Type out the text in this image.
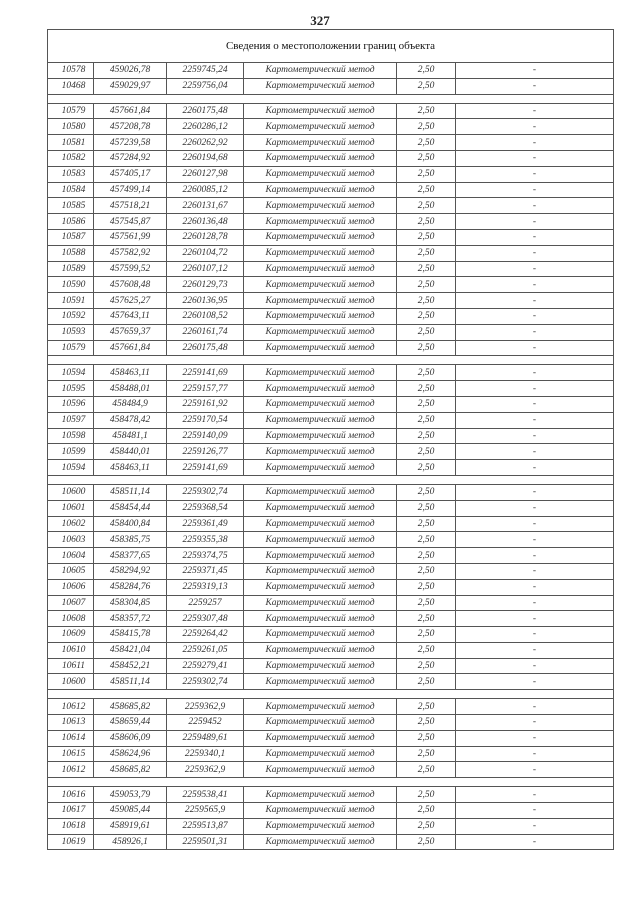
327
Сведения о местоположении границ объекта					
10578	459026,78	2259745,24	Картометрический метод	2,50	-
10468	459029,97	2259756,04	Картометрический метод	2,50	-

10579	457661,84	2260175,48	Картометрический метод	2,50	-
10580	457208,78	2260286,12	Картометрический метод	2,50	-
10581	457239,58	2260262,92	Картометрический метод	2,50	-
10582	457284,92	2260194,68	Картометрический метод	2,50	-
10583	457405,17	2260127,98	Картометрический метод	2,50	-
10584	457499,14	2260085,12	Картометрический метод	2,50	-
10585	457518,21	2260131,67	Картометрический метод	2,50	-
10586	457545,87	2260136,48	Картометрический метод	2,50	-
10587	457561,99	2260128,78	Картометрический метод	2,50	-
10588	457582,92	2260104,72	Картометрический метод	2,50	-
10589	457599,52	2260107,12	Картометрический метод	2,50	-
10590	457608,48	2260129,73	Картометрический метод	2,50	-
10591	457625,27	2260136,95	Картометрический метод	2,50	-
10592	457643,11	2260108,52	Картометрический метод	2,50	-
10593	457659,37	2260161,74	Картометрический метод	2,50	-
10579	457661,84	2260175,48	Картометрический метод	2,50	-

10594	458463,11	2259141,69	Картометрический метод	2,50	-
10595	458488,01	2259157,77	Картометрический метод	2,50	-
10596	458484,9	2259161,92	Картометрический метод	2,50	-
10597	458478,42	2259170,54	Картометрический метод	2,50	-
10598	458481,1	2259140,09	Картометрический метод	2,50	-
10599	458440,01	2259126,77	Картометрический метод	2,50	-
10594	458463,11	2259141,69	Картометрический метод	2,50	-

10600	458511,14	2259302,74	Картометрический метод	2,50	-
10601	458454,44	2259368,54	Картометрический метод	2,50	-
10602	458400,84	2259361,49	Картометрический метод	2,50	-
10603	458385,75	2259355,38	Картометрический метод	2,50	-
10604	458377,65	2259374,75	Картометрический метод	2,50	-
10605	458294,92	2259371,45	Картометрический метод	2,50	-
10606	458284,76	2259319,13	Картометрический метод	2,50	-
10607	458304,85	2259257	Картометрический метод	2,50	-
10608	458357,72	2259307,48	Картометрический метод	2,50	-
10609	458415,78	2259264,42	Картометрический метод	2,50	-
10610	458421,04	2259261,05	Картометрический метод	2,50	-
10611	458452,21	2259279,41	Картометрический метод	2,50	-
10600	458511,14	2259302,74	Картометрический метод	2,50	-

10612	458685,82	2259362,9	Картометрический метод	2,50	-
10613	458659,44	2259452	Картометрический метод	2,50	-
10614	458606,09	2259489,61	Картометрический метод	2,50	-
10615	458624,96	2259340,1	Картометрический метод	2,50	-
10612	458685,82	2259362,9	Картометрический метод	2,50	-

10616	459053,79	2259538,41	Картометрический метод	2,50	-
10617	459085,44	2259565,9	Картометрический метод	2,50	-
10618	458919,61	2259513,87	Картометрический метод	2,50	-
10619	458926,1	2259501,31	Картометрический метод	2,50	-
